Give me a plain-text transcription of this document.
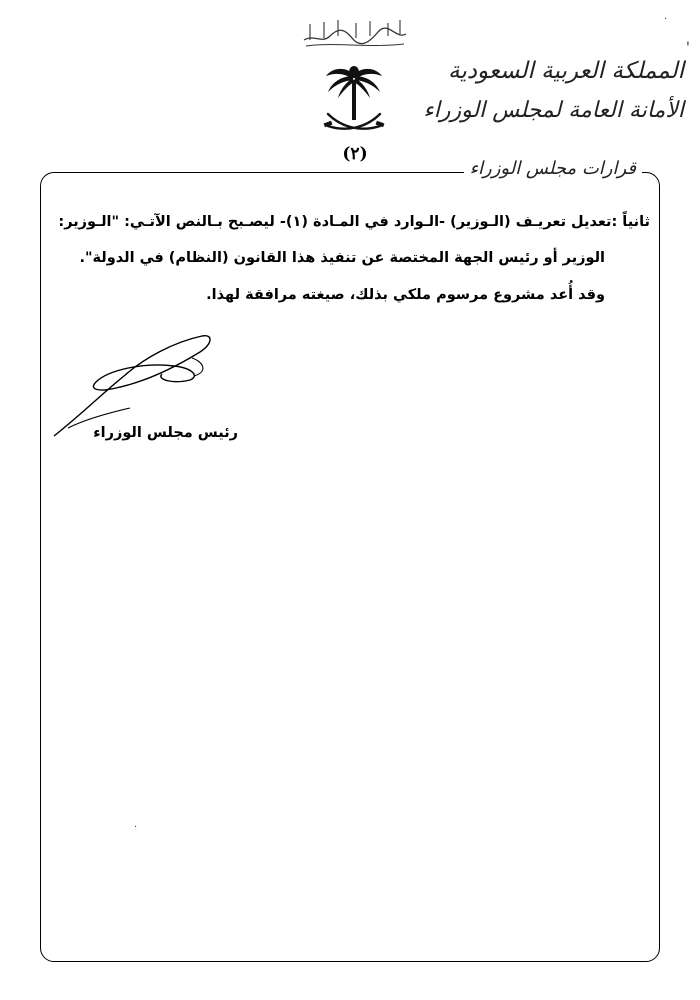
(٢)
المملكة العربية السعودية
الأمانة العامة لمجلس الوزراء
·
'
قرارات مجلس الوزراء
ثانياً :تعديل تعريـف (الـوزير) -الـوارد في المـادة (١)- ليصـبح بـالنص الآتـي: "الـوزير:
الوزير أو رئيس الجهة المختصة عن تنفيذ هذا القانون (النظام) في الدولة".
وقد أُعد مشروع مرسوم ملكي بذلك، صيغته مرافقة لهذا.
رئيس مجلس الوزراء
·
